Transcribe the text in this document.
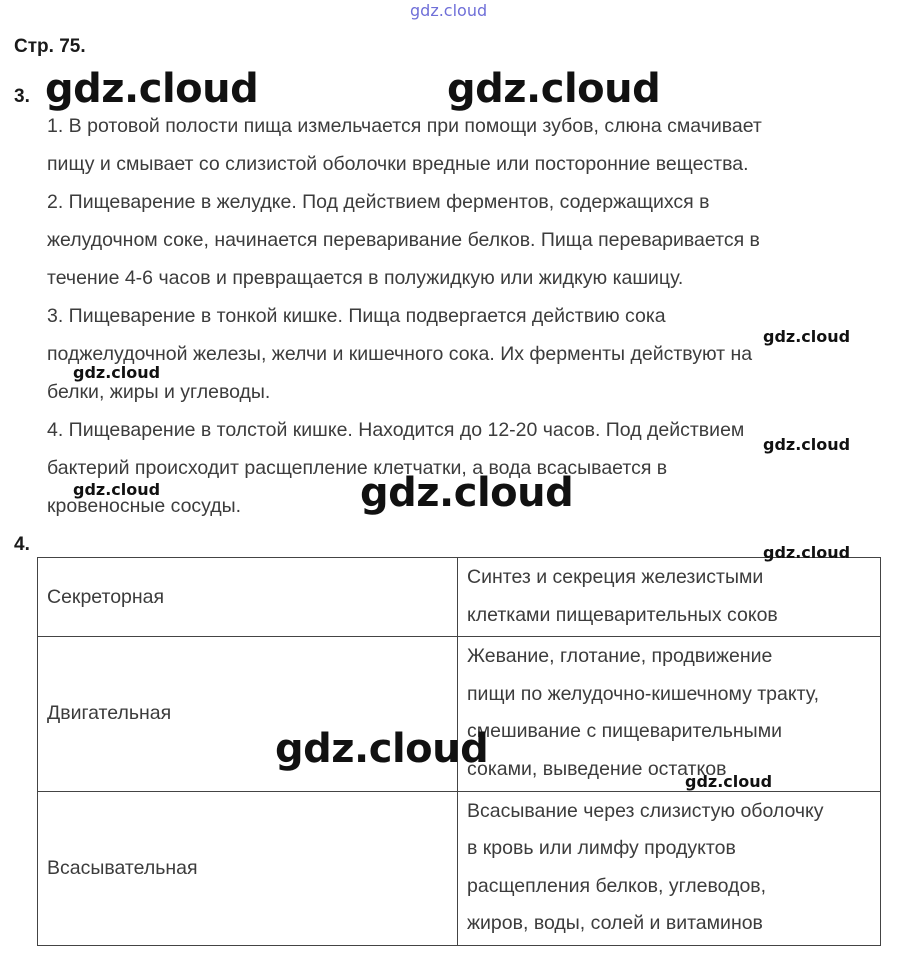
gdz.cloud
Стр. 75.
3.
1. В ротовой полости пища измельчается при помощи зубов, слюна смачивает
пищу и смывает со слизистой оболочки вредные или посторонние вещества.
2. Пищеварение в желудке. Под действием ферментов, содержащихся в
желудочном соке, начинается переваривание белков. Пища переваривается в
течение 4-6 часов и превращается в полужидкую или жидкую кашицу.
3. Пищеварение в тонкой кишке. Пища подвергается действию сока
поджелудочной железы, желчи и кишечного сока. Их ферменты действуют на
белки, жиры и углеводы.
4. Пищеварение в толстой кишке. Находится до 12-20 часов. Под действием
бактерий происходит расщепление клетчатки, а вода всасывается в
кровеносные сосуды.
4.
Секреторная	Синтез и секреция железистыми
клетками пищеварительных соков

Двигательная	Жевание, глотание, продвижение
пищи по желудочно-кишечному тракту,
смешивание с пищеварительными
соками, выведение остатков

Всасывательная	Всасывание через слизистую оболочку
в кровь или лимфу продуктов
расщепления белков, углеводов,
жиров, воды, солей и витаминов
gdz.cloud	gdz.cloud
gdz.cloud
gdz.cloud
gdz.cloud
gdz.cloud
gdz.cloud
gdz.cloud
gdz.cloud
gdz.cloud
